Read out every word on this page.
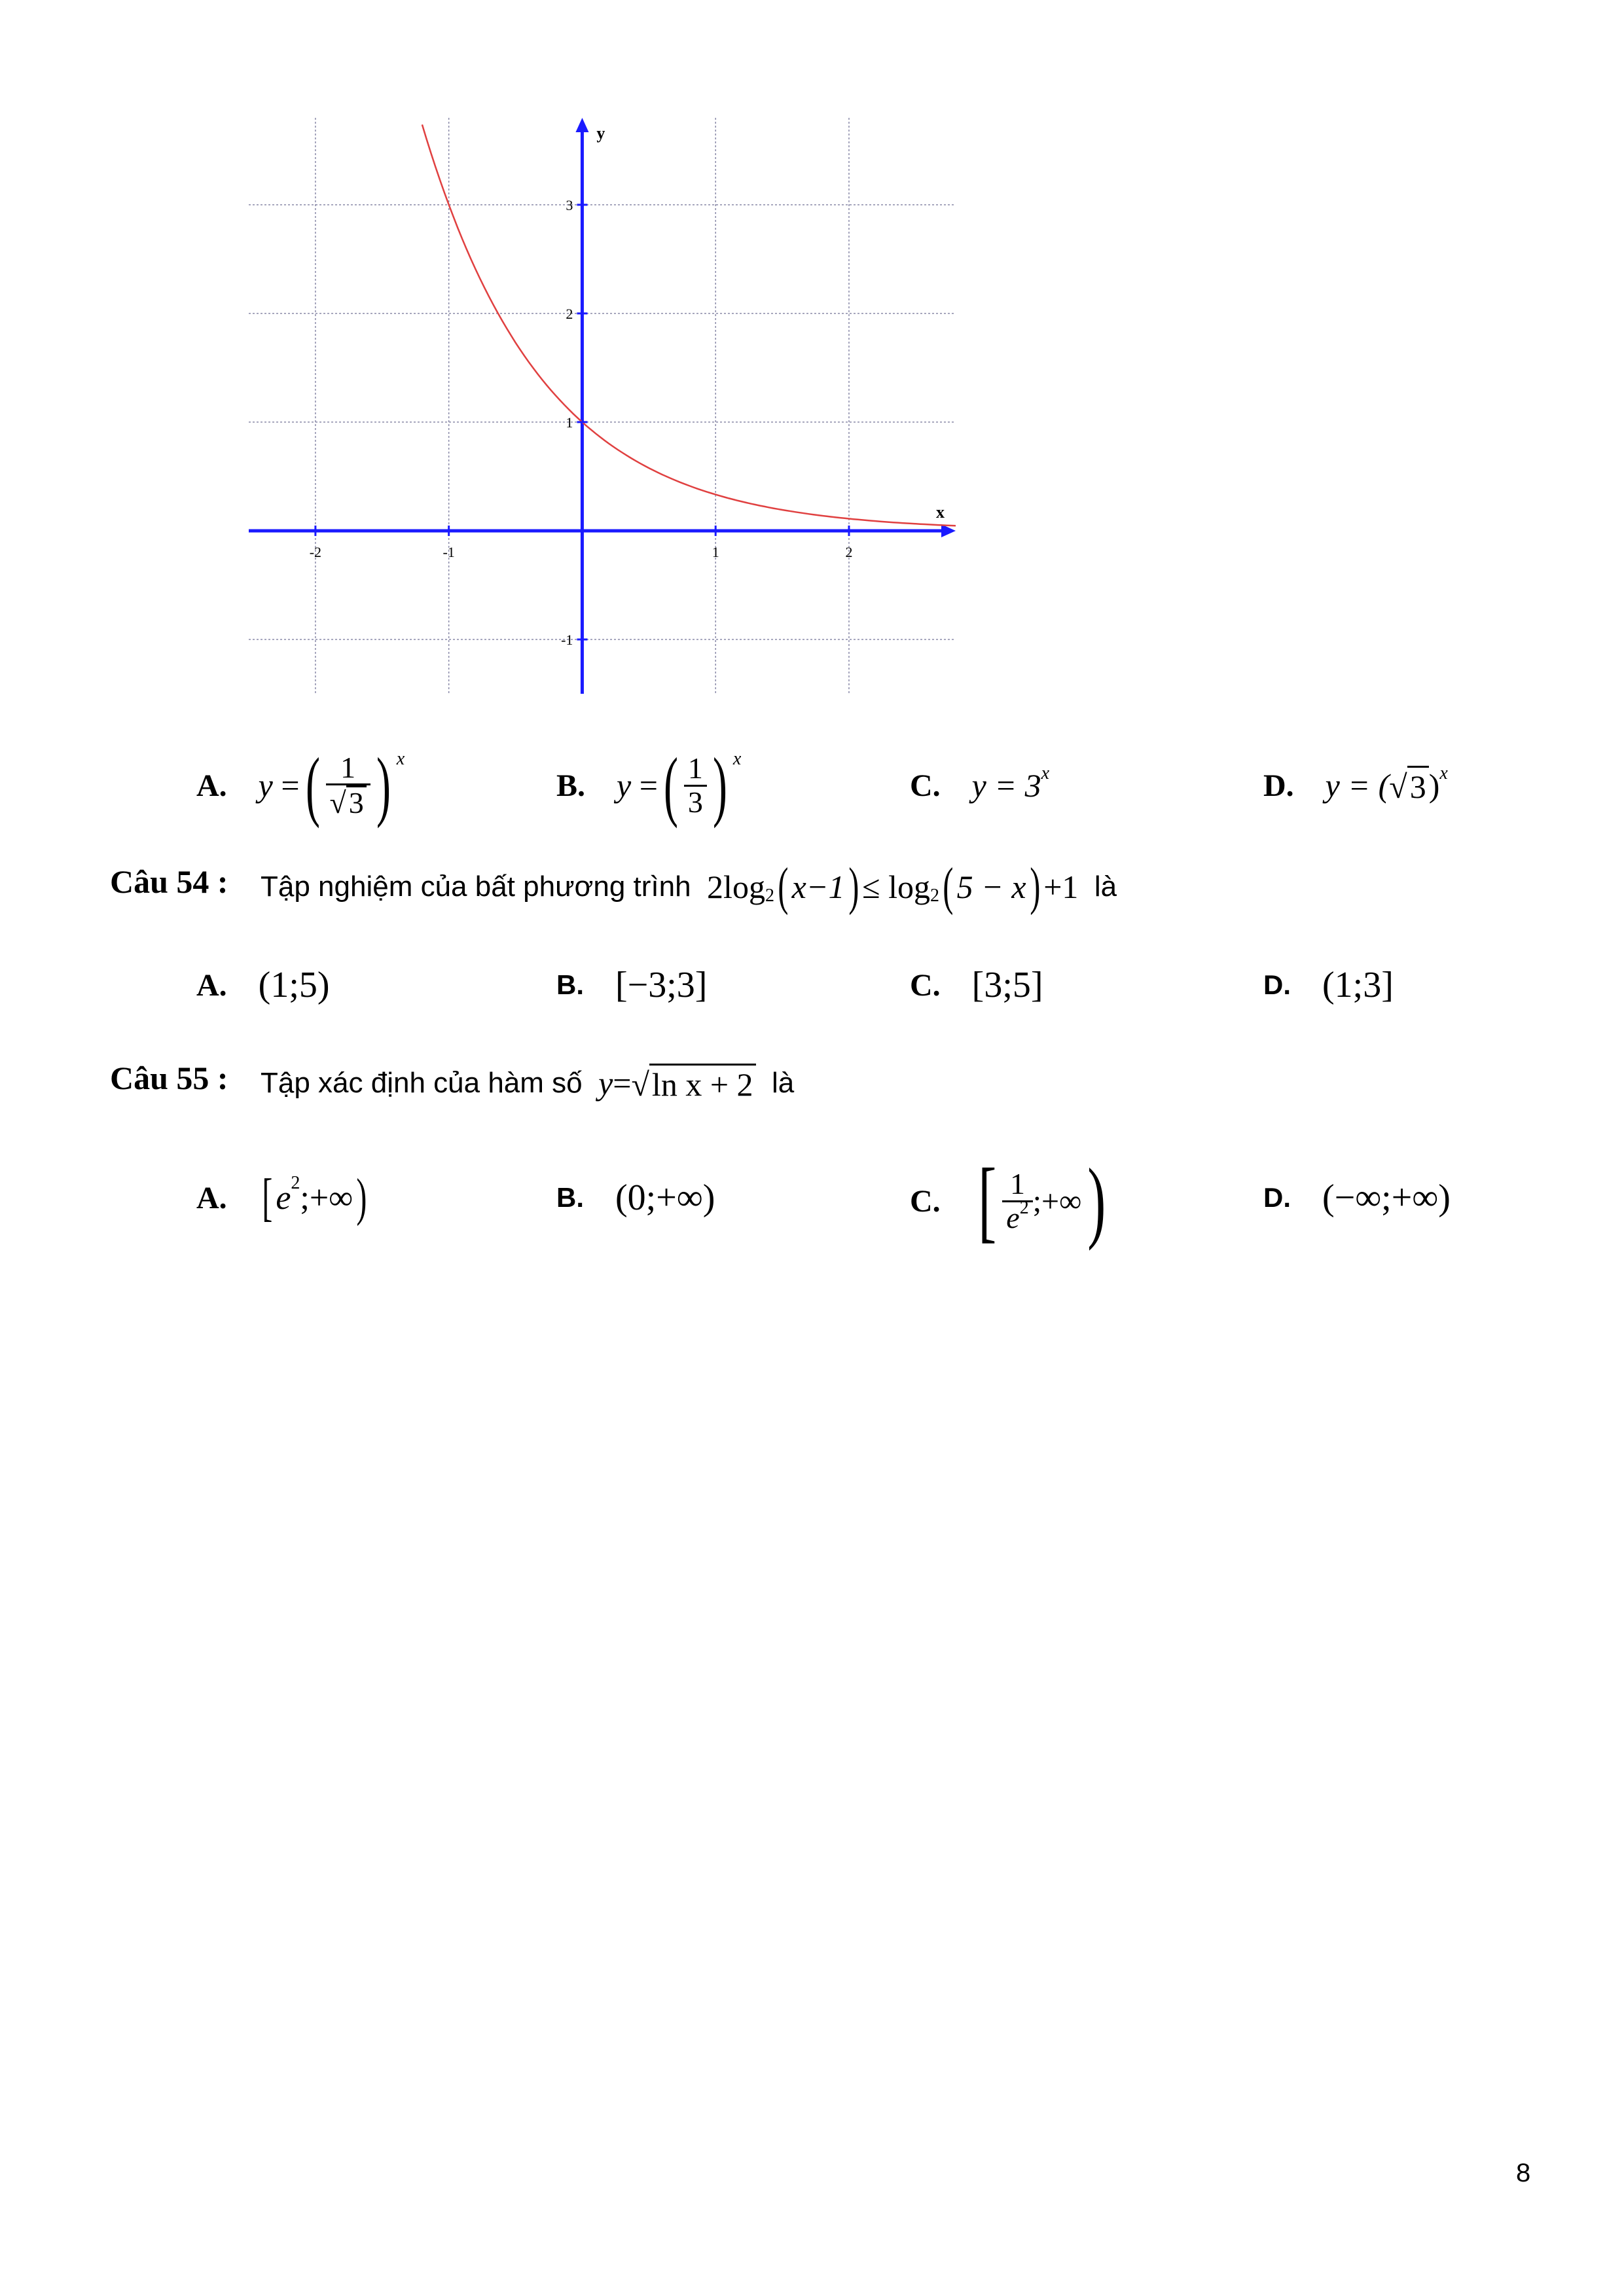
-2	-1	1	2
3
2
1
-1
x
y
A. y
= ( $\frac{1}{√ 3}$ ) x
B. y
= ( $\frac{1}{3}$ ) x
C. y = 3 x	D. y = ( √ 3 ) x
Câu 54 : Tập nghiệm của bất phương trình
2log 2 ( x−1 ) ≤ log 2 ( 5 − x ) +1
là
A. (1;5)	B. [−3;3]	C. [3;5]	D. (1;3]
Câu 55 : Tập xác định của hàm số
y = √ ln x + 2
là
A. [ e 2 ;+∞ )	B. (0;+∞)	C. [ $\frac{1}{e^2}$ ;+∞ )	D. (−∞;+∞)
8
